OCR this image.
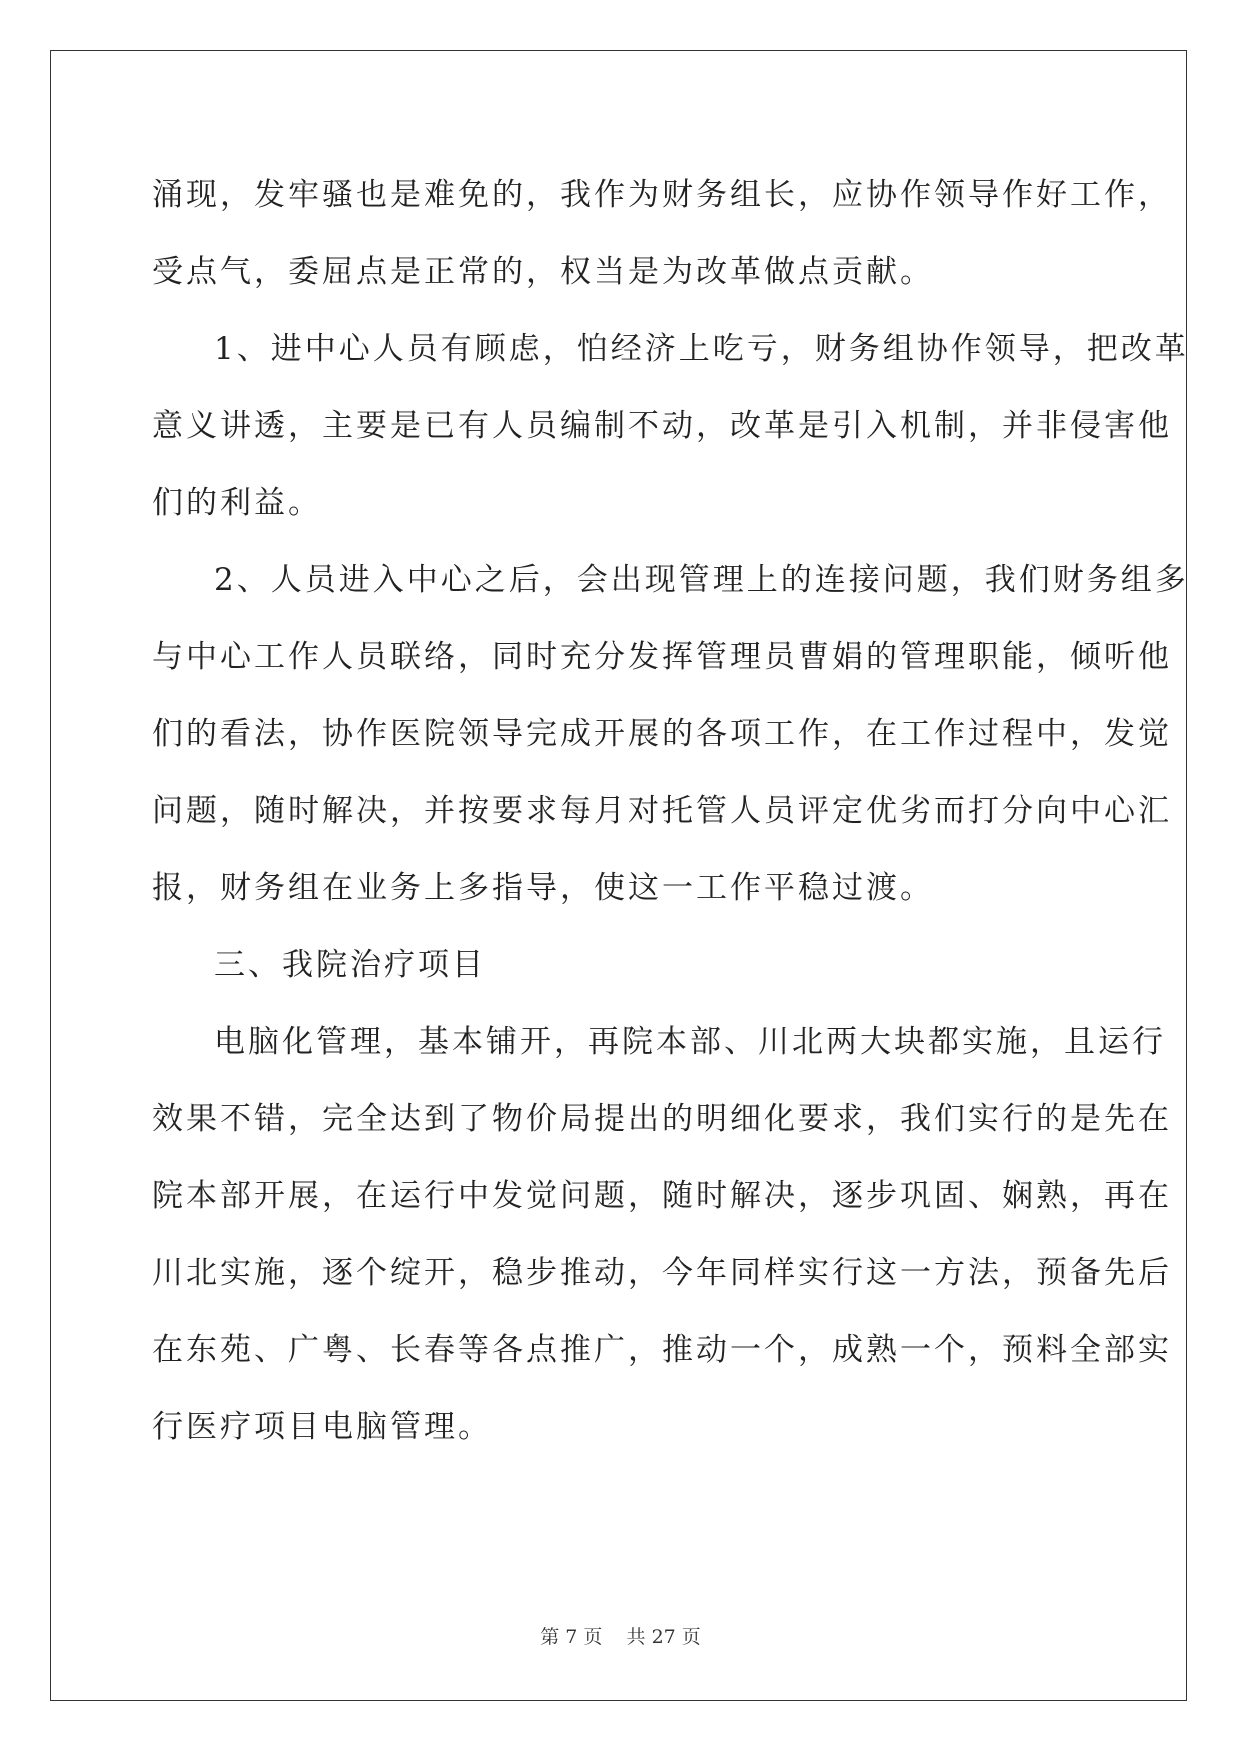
涌现，发牢骚也是难免的，我作为财务组长，应协作领导作好工作，
受点气，委屈点是正常的，权当是为改革做点贡献。
1、进中心人员有顾虑，怕经济上吃亏，财务组协作领导，把改革
意义讲透，主要是已有人员编制不动，改革是引入机制，并非侵害他
们的利益。
2、人员进入中心之后，会出现管理上的连接问题，我们财务组多
与中心工作人员联络，同时充分发挥管理员曹娟的管理职能，倾听他
们的看法，协作医院领导完成开展的各项工作，在工作过程中，发觉
问题，随时解决，并按要求每月对托管人员评定优劣而打分向中心汇
报，财务组在业务上多指导，使这一工作平稳过渡。
三、我院治疗项目
电脑化管理，基本铺开，再院本部、川北两大块都实施，且运行
效果不错，完全达到了物价局提出的明细化要求，我们实行的是先在
院本部开展，在运行中发觉问题，随时解决，逐步巩固、娴熟，再在
川北实施，逐个绽开，稳步推动，今年同样实行这一方法，预备先后
在东苑、广粤、长春等各点推广，推动一个，成熟一个，预料全部实
行医疗项目电脑管理。
第 7 页 共 27 页
